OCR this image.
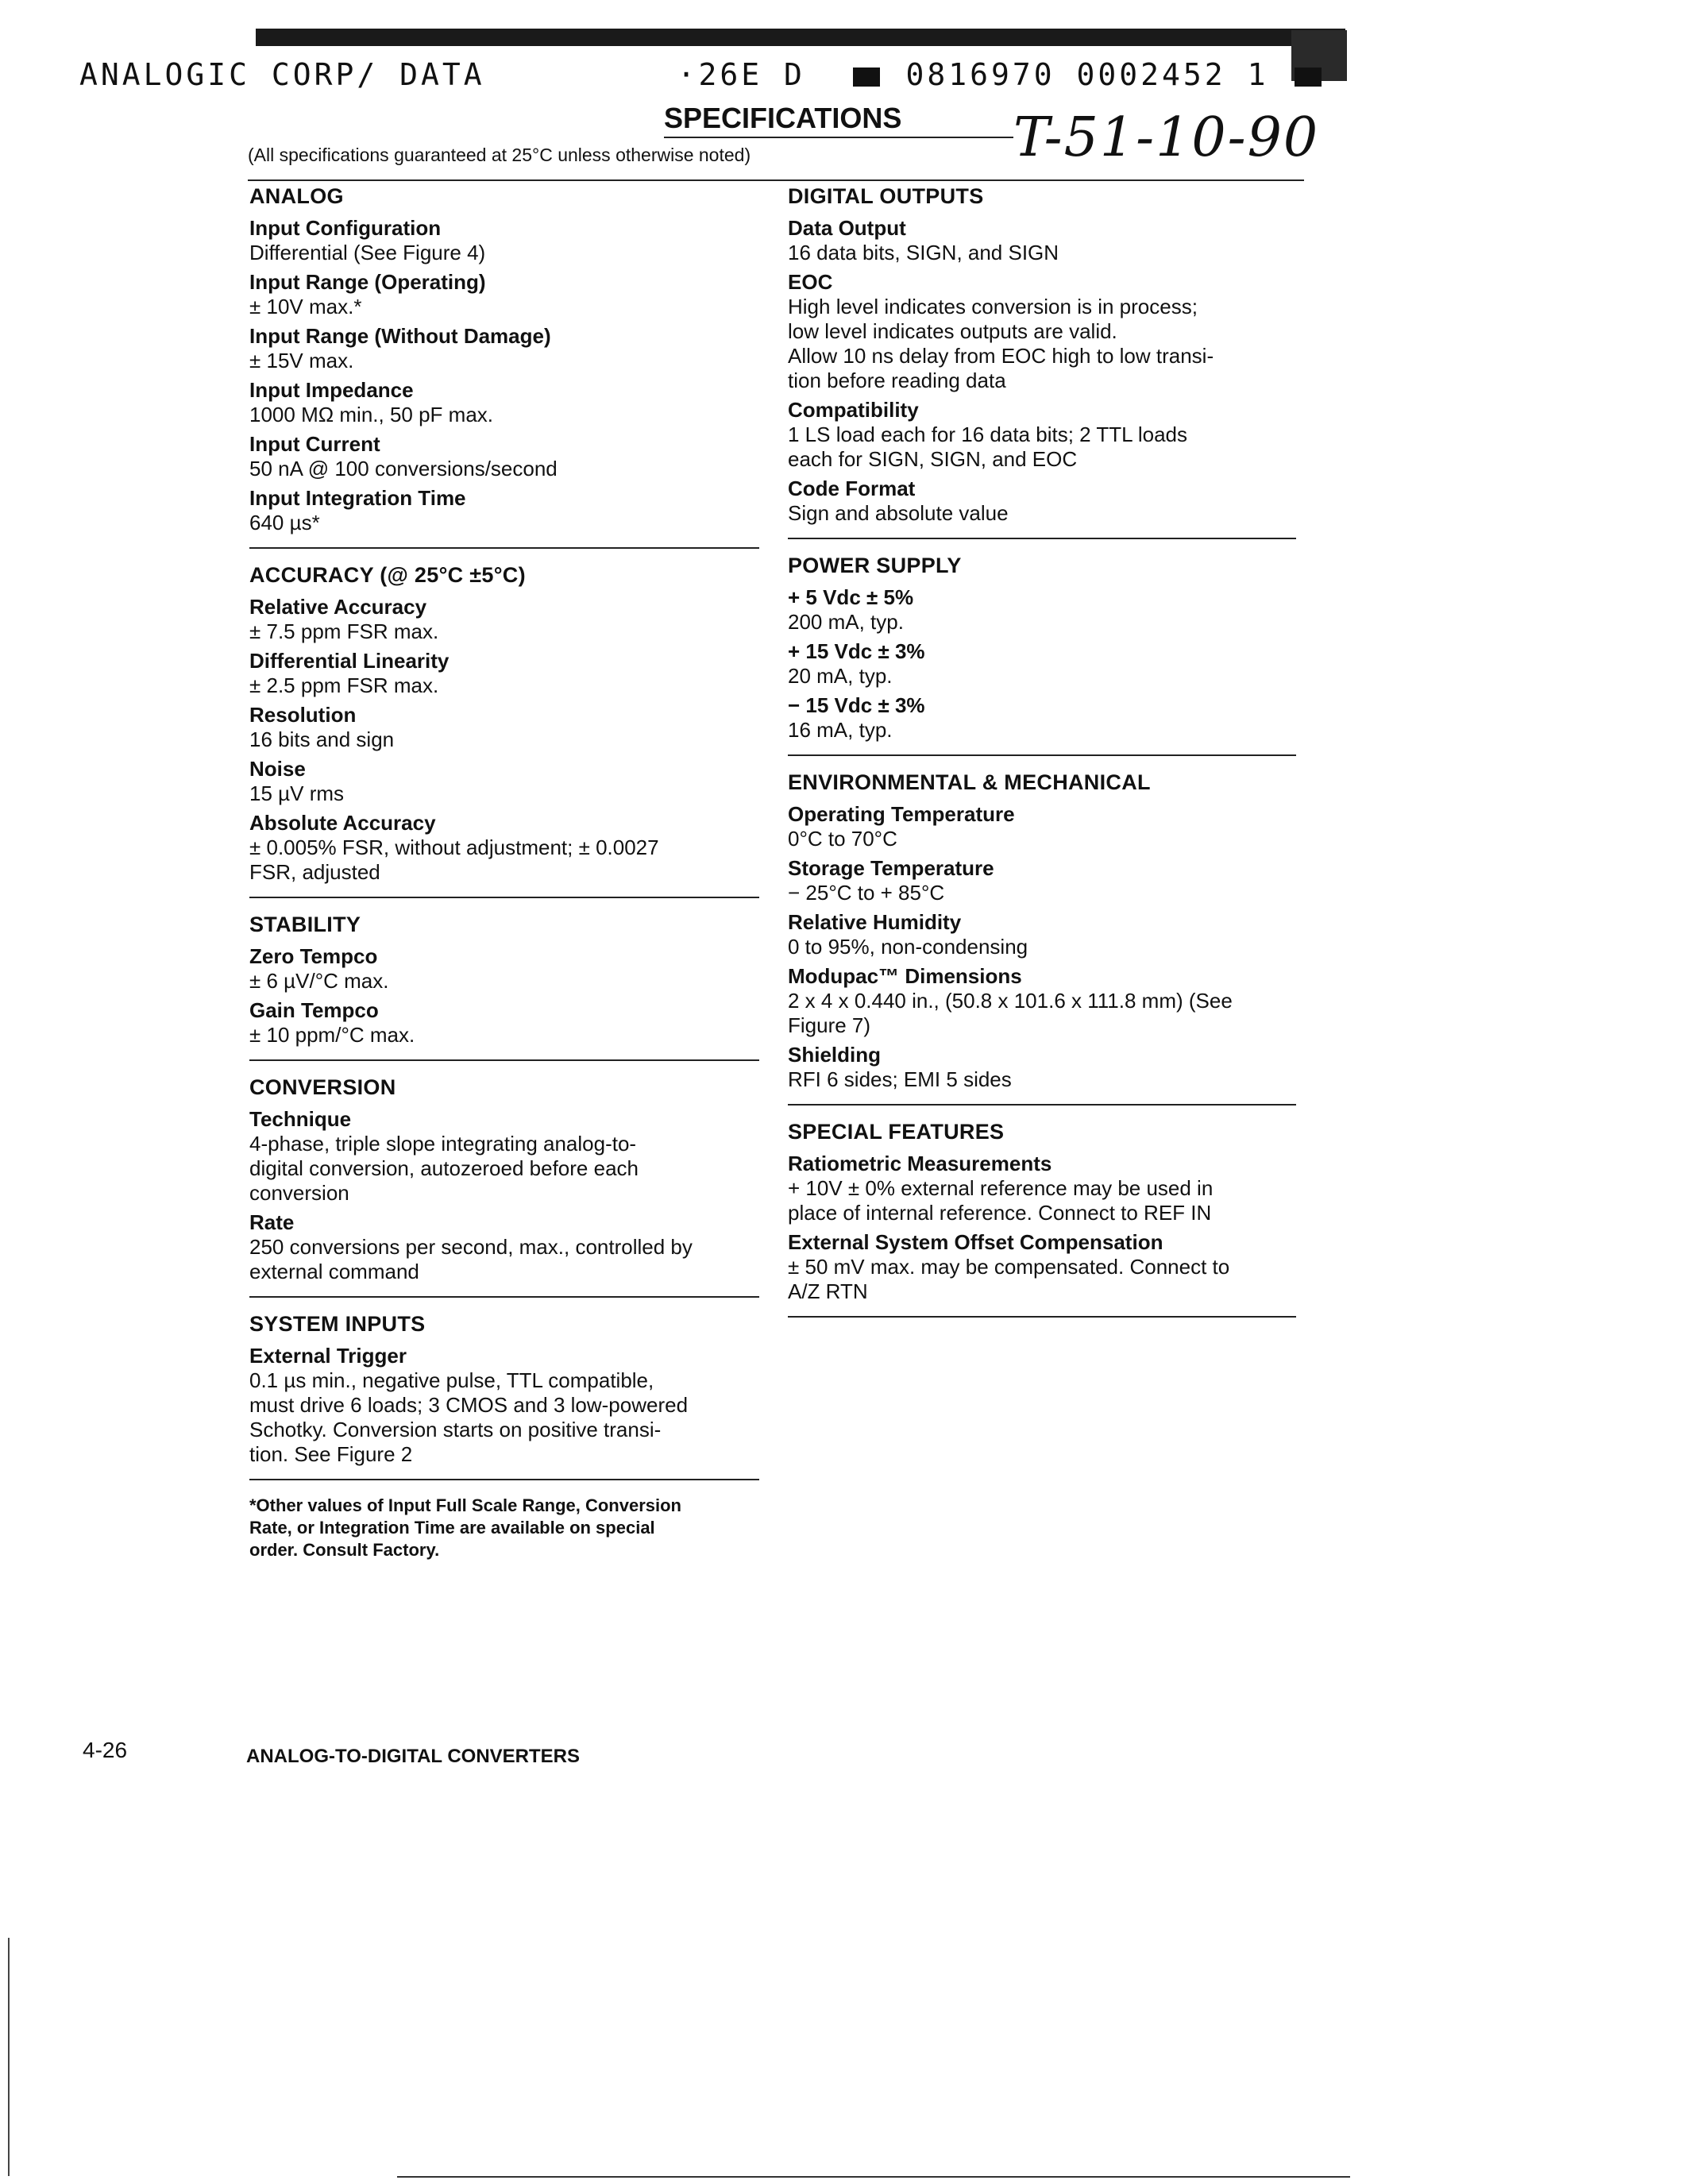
ANALOGIC CORP/ DATA         ·26E D	0816970 0002452 1
SPECIFICATIONS T-51-10-90
(All specifications guaranteed at 25°C unless otherwise noted)
ANALOG
Input Configuration
Differential (See Figure 4)
Input Range (Operating)
± 10V max.*
Input Range (Without Damage)
± 15V max.
Input Impedance
1000 MΩ min., 50 pF max.
Input Current
50 nA @ 100 conversions/second
Input Integration Time
640 µs*
ACCURACY (@ 25°C ±5°C)
Relative Accuracy
± 7.5 ppm FSR max.
Differential Linearity
± 2.5 ppm FSR max.
Resolution
16 bits and sign
Noise
15 µV rms
Absolute Accuracy
± 0.005% FSR, without adjustment; ± 0.0027
FSR, adjusted
STABILITY
Zero Tempco
± 6 µV/°C max.
Gain Tempco
± 10 ppm/°C max.
CONVERSION
Technique
4-phase, triple slope integrating analog-to-
digital conversion, autozeroed before each
conversion
Rate
250 conversions per second, max., controlled by
external command
SYSTEM INPUTS
External Trigger
0.1 µs min., negative pulse, TTL compatible,
must drive 6 loads; 3 CMOS and 3 low-powered
Schotky. Conversion starts on positive transi-
tion. See Figure 2
*Other values of Input Full Scale Range, Conversion
Rate, or Integration Time are available on special
order. Consult Factory.
DIGITAL OUTPUTS
Data Output
16 data bits, SIGN, and SIGN
EOC
High level indicates conversion is in process;
low level indicates outputs are valid.
Allow 10 ns delay from EOC high to low transi-
tion before reading data
Compatibility
1 LS load each for 16 data bits; 2 TTL loads
each for SIGN, SIGN, and EOC
Code Format
Sign and absolute value
POWER SUPPLY
+ 5 Vdc ± 5%
200 mA, typ.
+ 15 Vdc ± 3%
20 mA, typ.
− 15 Vdc ± 3%
16 mA, typ.
ENVIRONMENTAL & MECHANICAL
Operating Temperature
0°C to 70°C
Storage Temperature
− 25°C to + 85°C
Relative Humidity
0 to 95%, non-condensing
Modupac™ Dimensions
2 x 4 x 0.440 in., (50.8 x 101.6 x 111.8 mm) (See
Figure 7)
Shielding
RFI 6 sides; EMI 5 sides
SPECIAL FEATURES
Ratiometric Measurements
+ 10V ± 0% external reference may be used in
place of internal reference. Connect to REF IN
External System Offset Compensation
± 50 mV max. may be compensated. Connect to
A/Z RTN
4-26	ANALOG-TO-DIGITAL CONVERTERS
